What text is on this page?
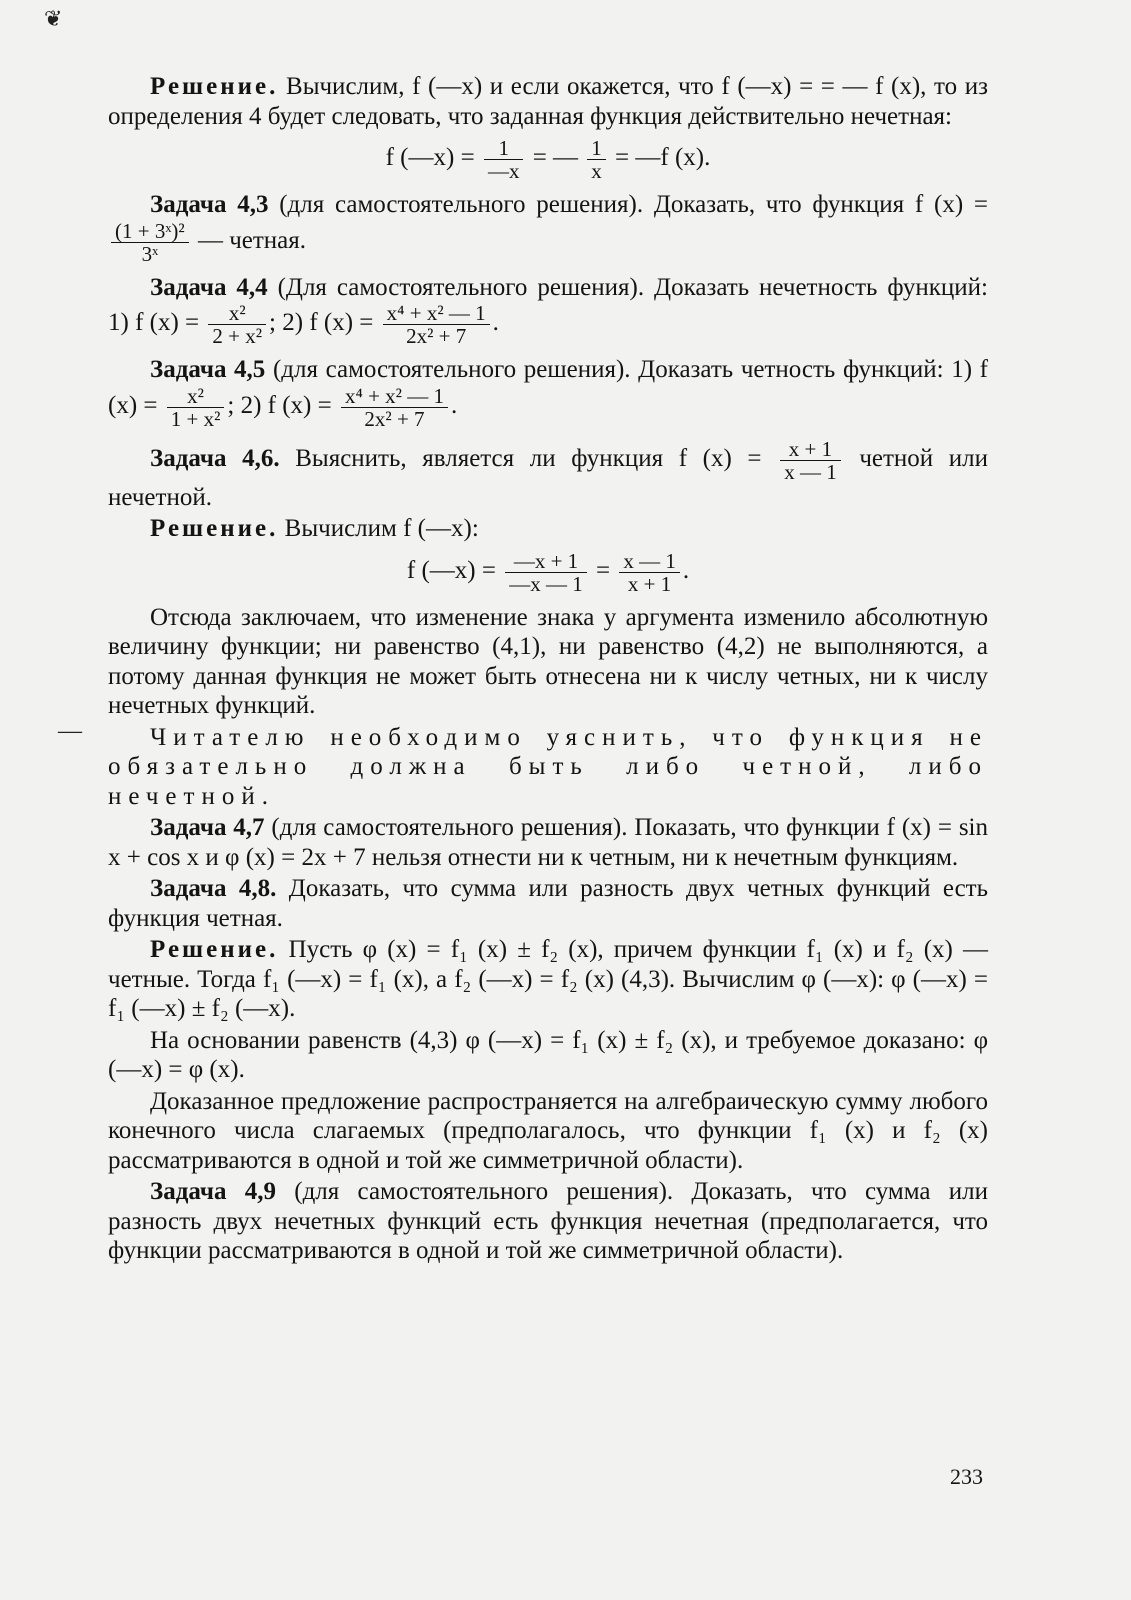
❦
—

Решение. Вычислим, f (—x) и если окажется, что f (—x) = = — f (x), то из определения 4 будет следовать, что заданная функция действительно нечетная:

f (—x) = $\frac{1}{—x}$ = — $\frac{1}{x}$ = —f (x).

Задача 4,3 (для самостоятельного решения). Доказать, что функция f (x) =
$\frac{\text{(1 + 3ˣ)²}}{\text{3ˣ}}$ — четная.

Задача 4,4 (Для самостоятельного решения). Доказать нечетность функций: 1) f $(x) = \frac{\text{x²}}{\text{2 + x²}}$ ; 2) f $(x) = \frac{\text{x⁴ + x² — 1}}{\text{2x² + 7}}$ .

Задача 4,5 (для самостоятельного решения). Доказать четность функций: 1) f $(x) = \frac{\text{x²}}{\text{1 + x²}}$ ; 2) f $(x) = \frac{\text{x⁴ + x² — 1}}{\text{2x² + 7}}$ .

Задача 4,6. Выяснить, является ли функция f $(x) = \frac{x + 1}{x — 1}$ четной или нечетной.

Решение. Вычислим f (—x):

f (—x) = $\frac{—x + 1}{—x — 1} = \frac{x — 1}{x + 1}$ .

Отсюда заключаем, что изменение знака у аргумента изменило абсолютную величину функции; ни равенство (4,1), ни равенство (4,2) не выполняются, а потому данная функция не может быть отнесена ни к числу четных, ни к числу нечетных функций.

Читателю необходимо уяснить, что функция не обязательно должна быть либо четной, либо нечетной.

Задача 4,7 (для самостоятельного решения). Показать, что функции f (x) = sin x + cos x и φ (x) = 2x + 7 нельзя отнести ни к четным, ни к нечетным функциям.

Задача 4,8. Доказать, что сумма или разность двух четных функций есть функция четная.

Решение. Пусть φ (x) = f₁ (x) ± f₂ (x), причем функции f₁ (x) и f₂ (x) — четные. Тогда f₁ (—x) = f₁ (x), а f₂ (—x) = f₂ (x) (4,3). Вычислим φ (—x): φ (—x) = f₁ (—x) ± f₂ (—x).

На основании равенств (4,3) φ (—x) = f₁ (x) ± f₂ (x), и требуемое доказано: φ (—x) = φ (x).

Доказанное предложение распространяется на алгебраическую сумму любого конечного числа слагаемых (предполагалось, что функции f₁ (x) и f₂ (x) рассматриваются в одной и той же симметричной области).

Задача 4,9 (для самостоятельного решения). Доказать, что сумма или разность двух нечетных функций есть функция нечетная (предполагается, что функции рассматриваются в одной и той же симметричной области).

233
